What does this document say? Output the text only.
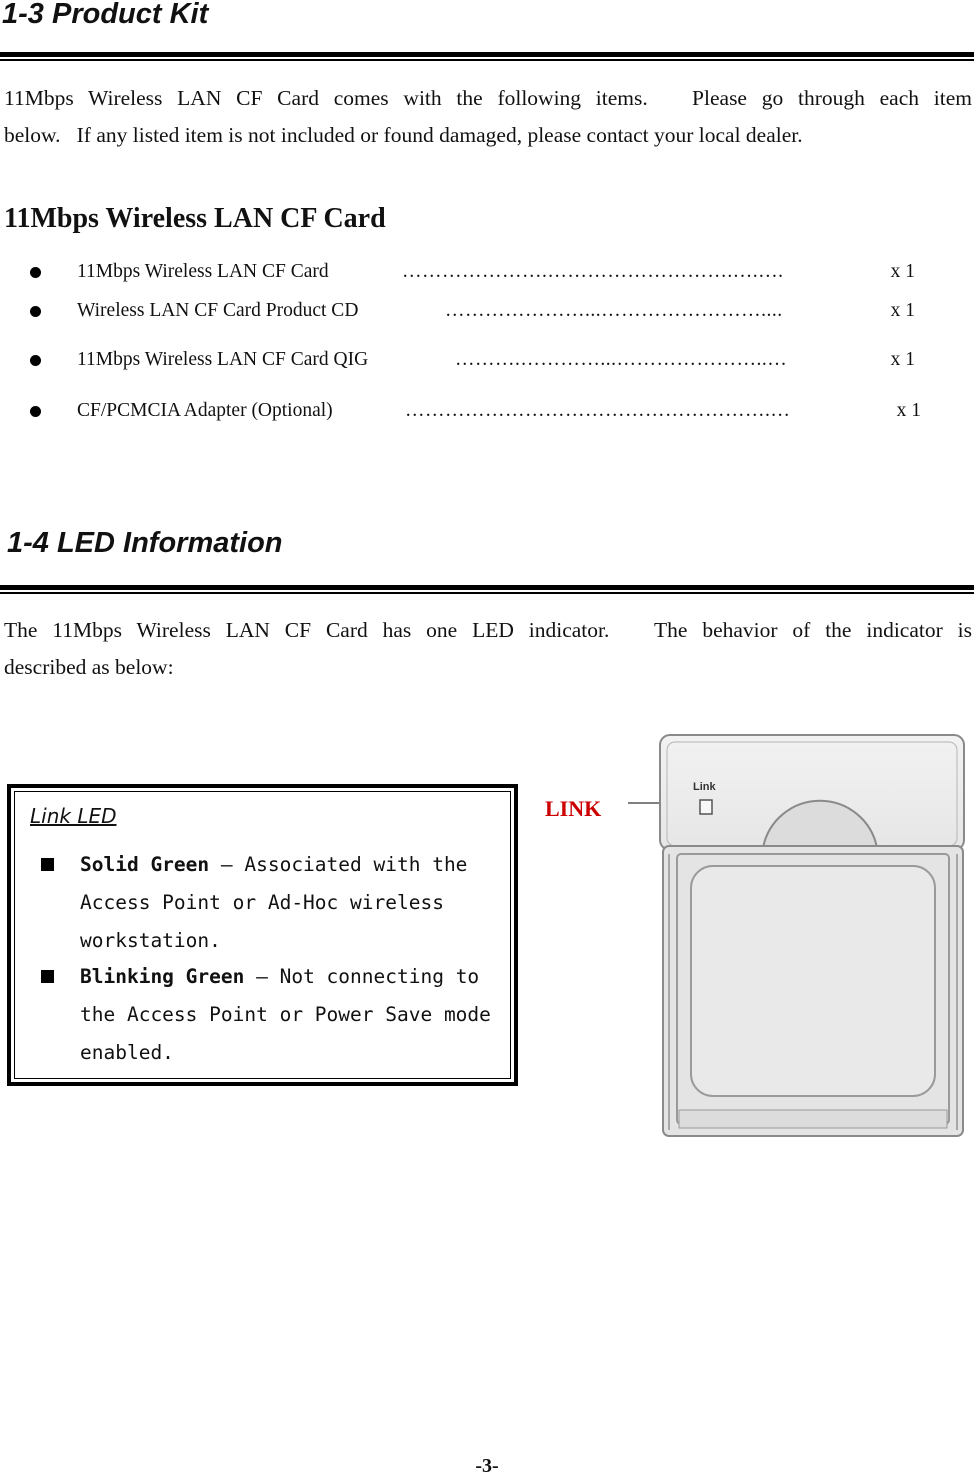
1-3 Product Kit

11Mbps Wireless LAN CF Card comes with the following items.   Please go through each item

below.   If any listed item is not included or found damaged, please contact your local dealer.

11Mbps Wireless LAN CF Card
11Mbps Wireless LAN CF Card	………………….……………………….….….	x 1
Wireless LAN CF Card Product CD	…………………...……………………....	x 1
11Mbps Wireless LAN CF Card QIG	……….…………...…………………..…	x 1
CF/PCMCIA Adapter (Optional)	……………………………………………….…	x 1
1-4 LED Information

The 11Mbps Wireless LAN CF Card has one LED indicator.   The behavior of the indicator is

described as below:

Link LED
Solid Green – Associated with the Access Point or Ad-Hoc wireless workstation.
Blinking Green – Not connecting to the Access Point or Power Save mode enabled.
LINK
Link
-3-
